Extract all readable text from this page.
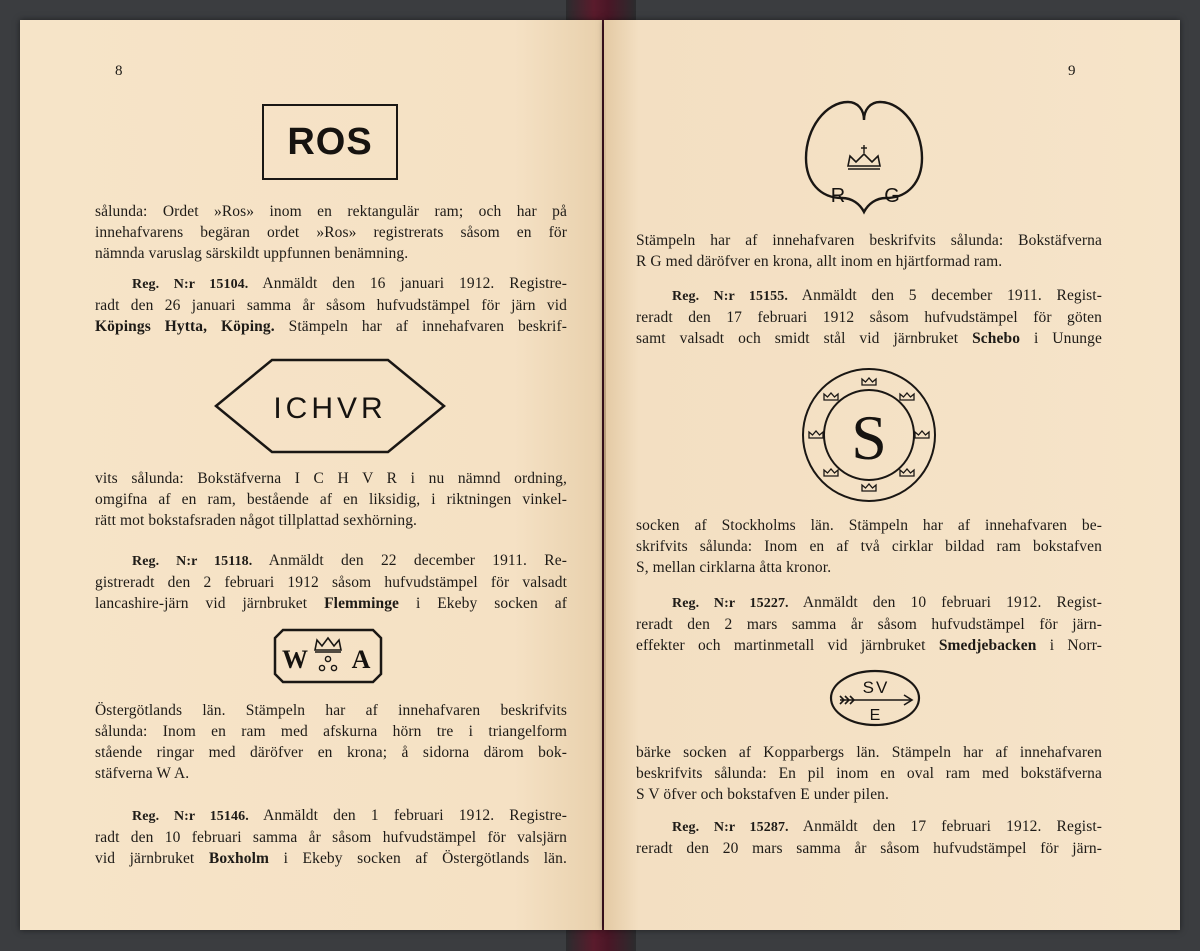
8
ROS
sålunda: Ordet »Ros» inom en rektangulär ram; och har på
innehafvarens begäran ordet »Ros» registrerats såsom en för
nämnda varuslag särskildt uppfunnen benämning.
Reg. N:r 15104. Anmäldt den 16 januari 1912. Registre-
radt den 26 januari samma år såsom hufvudstämpel för järn vid
Köpings Hytta, Köping. Stämpeln har af innehafvaren beskrif-
ICHVR
vits sålunda: Bokstäfverna I C H V R i nu nämnd ordning,
omgifna af en ram, bestående af en liksidig, i riktningen vinkel-
rätt mot bokstafsraden något tillplattad sexhörning.
Reg. N:r 15118. Anmäldt den 22 december 1911. Re-
gistreradt den 2 februari 1912 såsom hufvudstämpel för valsadt
lancashire-järn vid järnbruket Flemminge i Ekeby socken af
W A
Östergötlands län. Stämpeln har af innehafvaren beskrifvits
sålunda: Inom en ram med afskurna hörn tre i triangelform
stående ringar med däröfver en krona; å sidorna därom bok-
stäfverna W A.
Reg. N:r 15146. Anmäldt den 1 februari 1912. Registre-
radt den 10 februari samma år såsom hufvudstämpel för valsjärn
vid järnbruket Boxholm i Ekeby socken af Östergötlands län.
9
R G
Stämpeln har af innehafvaren beskrifvits sålunda: Bokstäfverna
R G med däröfver en krona, allt inom en hjärtformad ram.
Reg. N:r 15155. Anmäldt den 5 december 1911. Regist-
reradt den 17 februari 1912 såsom hufvudstämpel för göten
samt valsadt och smidt stål vid järnbruket Schebo i Ununge
S
socken af Stockholms län. Stämpeln har af innehafvaren be-
skrifvits sålunda: Inom en af två cirklar bildad ram bokstafven
S, mellan cirklarna åtta kronor.
Reg. N:r 15227. Anmäldt den 10 februari 1912. Regist-
reradt den 2 mars samma år såsom hufvudstämpel för järn-
effekter och martinmetall vid järnbruket Smedjebacken i Norr-
SV
E
bärke socken af Kopparbergs län. Stämpeln har af innehafvaren
beskrifvits sålunda: En pil inom en oval ram med bokstäfverna
S V öfver och bokstafven E under pilen.
Reg. N:r 15287. Anmäldt den 17 februari 1912. Regist-
reradt den 20 mars samma år såsom hufvudstämpel för järn-
